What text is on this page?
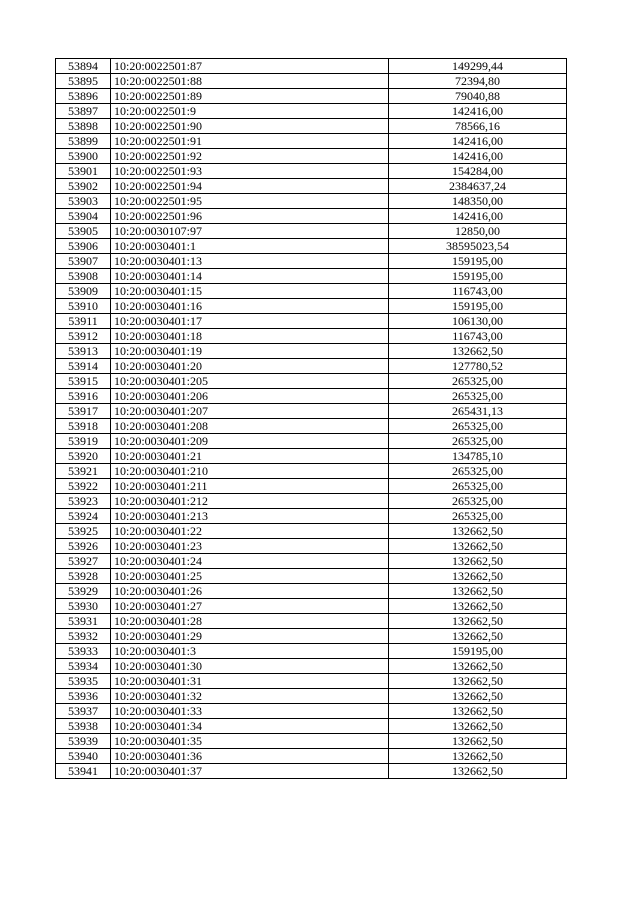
53894	10:20:0022501:87	149299,44
53895	10:20:0022501:88	72394,80
53896	10:20:0022501:89	79040,88
53897	10:20:0022501:9	142416,00
53898	10:20:0022501:90	78566,16
53899	10:20:0022501:91	142416,00
53900	10:20:0022501:92	142416,00
53901	10:20:0022501:93	154284,00
53902	10:20:0022501:94	2384637,24
53903	10:20:0022501:95	148350,00
53904	10:20:0022501:96	142416,00
53905	10:20:0030107:97	12850,00
53906	10:20:0030401:1	38595023,54
53907	10:20:0030401:13	159195,00
53908	10:20:0030401:14	159195,00
53909	10:20:0030401:15	116743,00
53910	10:20:0030401:16	159195,00
53911	10:20:0030401:17	106130,00
53912	10:20:0030401:18	116743,00
53913	10:20:0030401:19	132662,50
53914	10:20:0030401:20	127780,52
53915	10:20:0030401:205	265325,00
53916	10:20:0030401:206	265325,00
53917	10:20:0030401:207	265431,13
53918	10:20:0030401:208	265325,00
53919	10:20:0030401:209	265325,00
53920	10:20:0030401:21	134785,10
53921	10:20:0030401:210	265325,00
53922	10:20:0030401:211	265325,00
53923	10:20:0030401:212	265325,00
53924	10:20:0030401:213	265325,00
53925	10:20:0030401:22	132662,50
53926	10:20:0030401:23	132662,50
53927	10:20:0030401:24	132662,50
53928	10:20:0030401:25	132662,50
53929	10:20:0030401:26	132662,50
53930	10:20:0030401:27	132662,50
53931	10:20:0030401:28	132662,50
53932	10:20:0030401:29	132662,50
53933	10:20:0030401:3	159195,00
53934	10:20:0030401:30	132662,50
53935	10:20:0030401:31	132662,50
53936	10:20:0030401:32	132662,50
53937	10:20:0030401:33	132662,50
53938	10:20:0030401:34	132662,50
53939	10:20:0030401:35	132662,50
53940	10:20:0030401:36	132662,50
53941	10:20:0030401:37	132662,50
